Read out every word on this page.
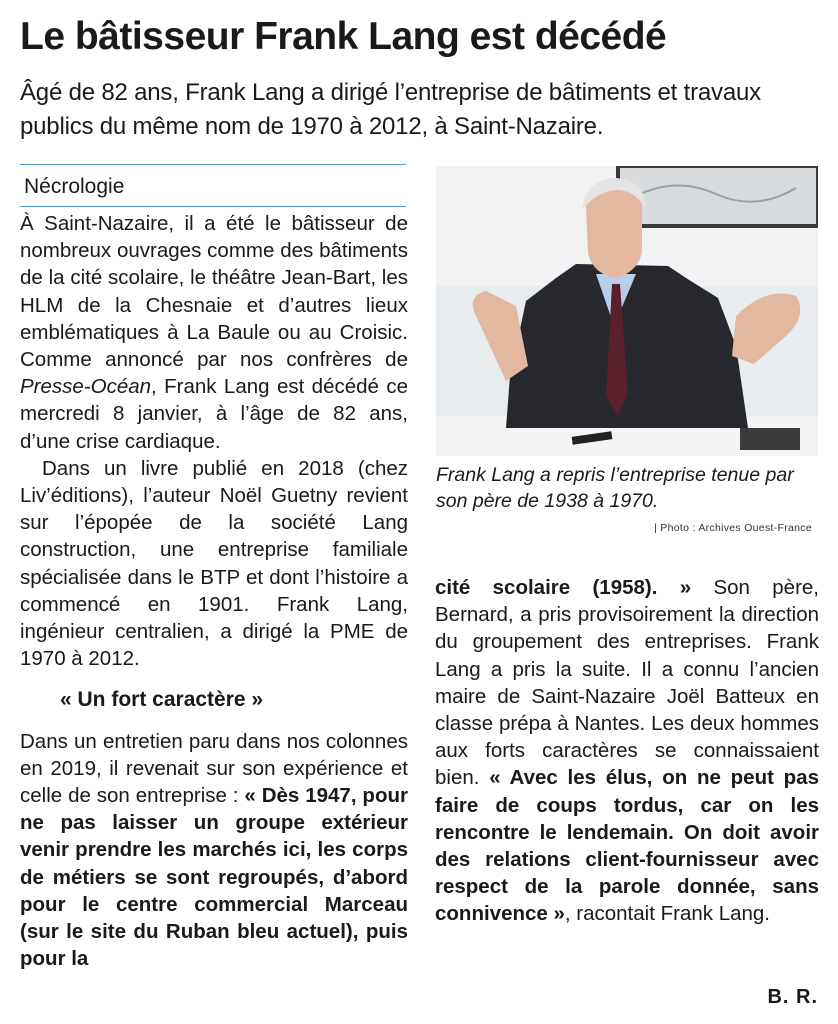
Le bâtisseur Frank Lang est décédé

Âgé de 82 ans, Frank Lang a dirigé l’entreprise de bâtiments et travaux publics du même nom de 1970 à 2012, à Saint-Nazaire.

Nécrologie

À Saint-Nazaire, il a été le bâtisseur de nombreux ouvrages comme des bâtiments de la cité scolaire, le théâtre Jean-Bart, les HLM de la Chesnaie et d’autres lieux emblématiques à La Baule ou au Croisic. Comme annoncé par nos confrères de Presse-Océan, Frank Lang est décédé ce mercredi 8 janvier, à l’âge de 82 ans, d’une crise cardiaque.

Dans un livre publié en 2018 (chez Liv’éditions), l’auteur Noël Guetny revient sur l’épopée de la société Lang construction, une entreprise familiale spécialisée dans le BTP et dont l’histoire a commencé en 1901. Frank Lang, ingénieur centralien, a dirigé la PME de 1970 à 2012.

« Un fort caractère »

Dans un entretien paru dans nos colonnes en 2019, il revenait sur son expérience et celle de son entreprise : « Dès 1947, pour ne pas laisser un groupe extérieur venir prendre les marchés ici, les corps de métiers se sont regroupés, d’abord pour le centre commercial Marceau (sur le site du Ruban bleu actuel), puis pour la

Frank Lang a repris l’entreprise tenue par son père de 1938 à 1970.

| Photo : Archives Ouest-France

cité scolaire (1958). » Son père, Bernard, a pris provisoirement la direction du groupement des entreprises. Frank Lang a pris la suite. Il a connu l’ancien maire de Saint-Nazaire Joël Batteux en classe prépa à Nantes. Les deux hommes aux forts caractères se connaissaient bien. « Avec les élus, on ne peut pas faire de coups tordus, car on les rencontre le lendemain. On doit avoir des relations client-fournisseur avec respect de la parole donnée, sans connivence », racontait Frank Lang.

B. R.
